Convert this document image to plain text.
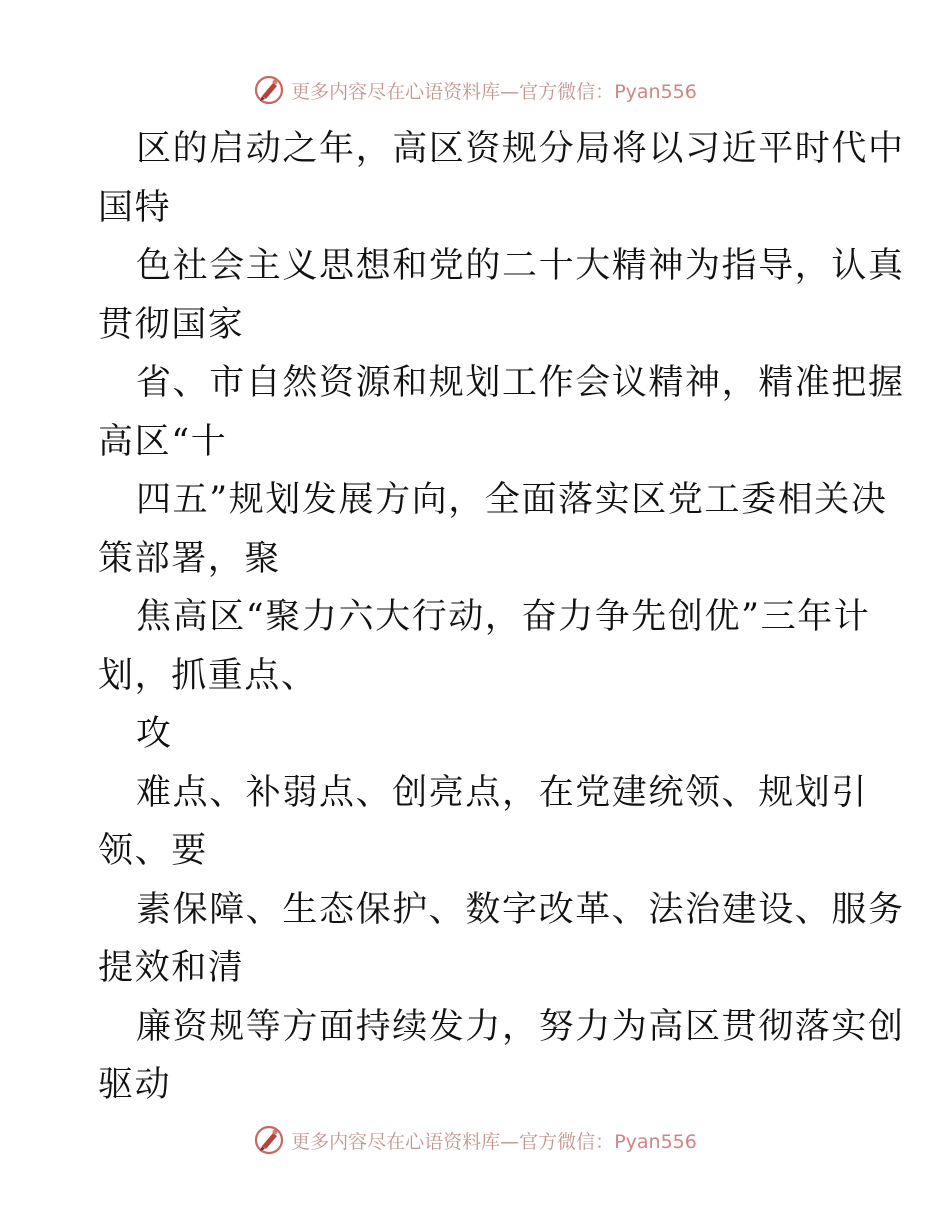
更多内容尽在心语资料库—官方微信：Pyan556

区的启动之年，高区资规分局将以习近平时代中
国特

色社会主义思想和党的二十大精神为指导，认真
贯彻国家

省、市自然资源和规划工作会议精神，精准把握
高区“十

四五”规划发展方向，全面落实区党工委相关决
策部署，聚

焦高区“聚力六大行动，奋力争先创优”三年计
划，抓重点、

攻

难点、补弱点、创亮点，在党建统领、规划引
领、要

素保障、生态保护、数字改革、法治建设、服务
提效和清

廉资规等方面持续发力，努力为高区贯彻落实创
驱动

更多内容尽在心语资料库—官方微信：Pyan556
